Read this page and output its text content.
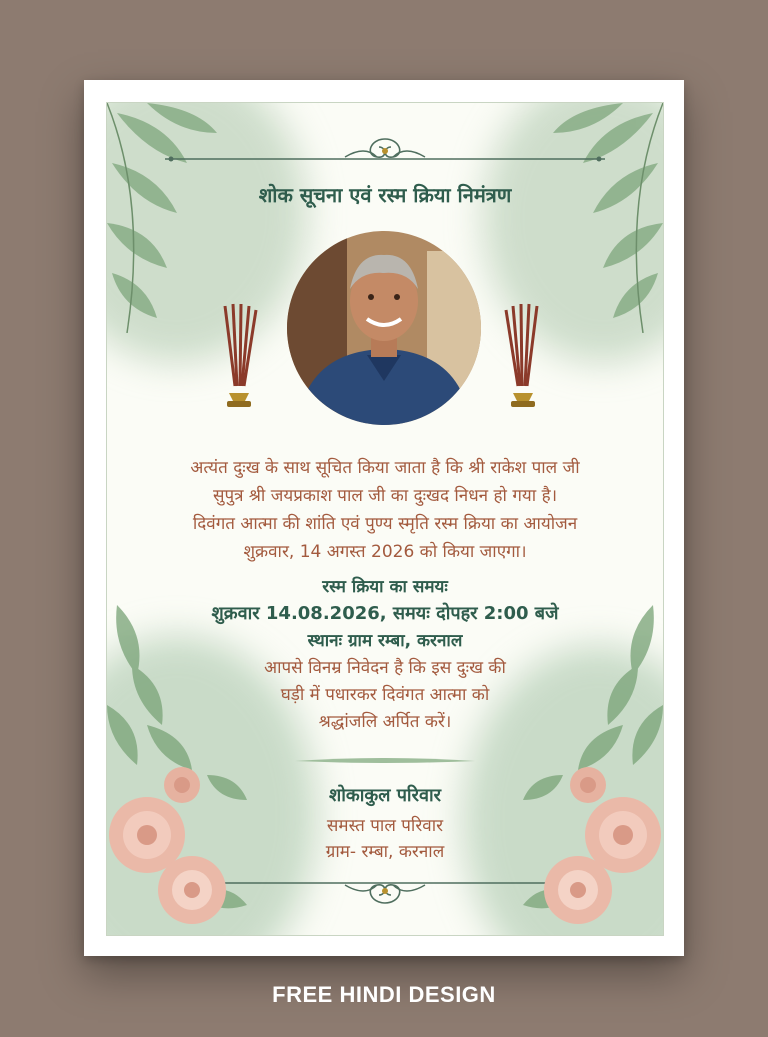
शोक सूचना एवं रस्म क्रिया निमंत्रण
अत्यंत दुःख के साथ सूचित किया जाता है कि श्री राकेश पाल जी
सुपुत्र श्री जयप्रकाश पाल जी का दुःखद निधन हो गया है।
दिवंगत आत्मा की शांति एवं पुण्य स्मृति रस्म क्रिया का आयोजन
शुक्रवार, 14 अगस्त 2026 को किया जाएगा।
रस्म क्रिया का समयः
शुक्रवार 14.08.2026, समयः दोपहर 2:00 बजे
स्थानः ग्राम रम्बा, करनाल
आपसे विनम्र निवेदन है कि इस दुःख की
घड़ी में पधारकर दिवंगत आत्मा को
श्रद्धांजलि अर्पित करें।
शोकाकुल परिवार
समस्त पाल परिवार
ग्राम- रम्बा, करनाल
FREE HINDI DESIGN
